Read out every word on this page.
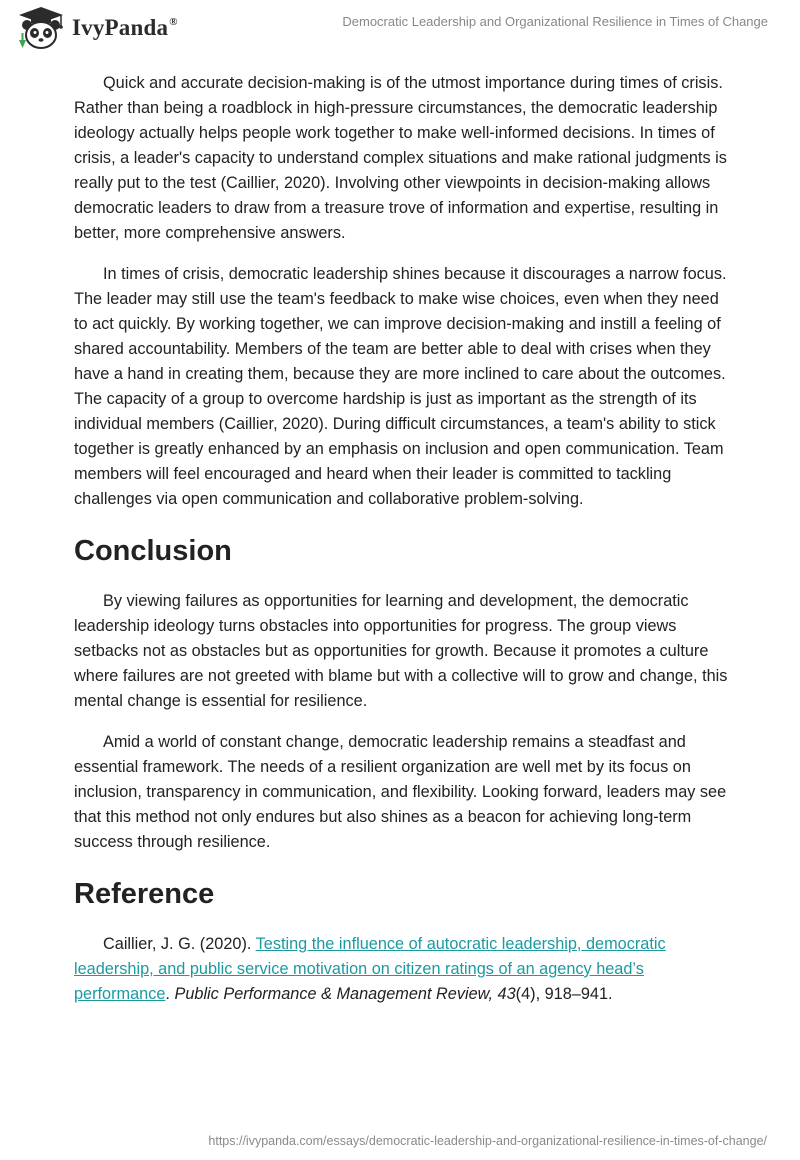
IvyPanda®	Democratic Leadership and Organizational Resilience in Times of Change

Quick and accurate decision-making is of the utmost importance during times of crisis. Rather than being a roadblock in high-pressure circumstances, the democratic leadership ideology actually helps people work together to make well-informed decisions. In times of crisis, a leader's capacity to understand complex situations and make rational judgments is really put to the test (Caillier, 2020). Involving other viewpoints in decision-making allows democratic leaders to draw from a treasure trove of information and expertise, resulting in better, more comprehensive answers.

In times of crisis, democratic leadership shines because it discourages a narrow focus. The leader may still use the team's feedback to make wise choices, even when they need to act quickly. By working together, we can improve decision-making and instill a feeling of shared accountability. Members of the team are better able to deal with crises when they have a hand in creating them, because they are more inclined to care about the outcomes. The capacity of a group to overcome hardship is just as important as the strength of its individual members (Caillier, 2020). During difficult circumstances, a team's ability to stick together is greatly enhanced by an emphasis on inclusion and open communication. Team members will feel encouraged and heard when their leader is committed to tackling challenges via open communication and collaborative problem-solving.

Conclusion

By viewing failures as opportunities for learning and development, the democratic leadership ideology turns obstacles into opportunities for progress. The group views setbacks not as obstacles but as opportunities for growth. Because it promotes a culture where failures are not greeted with blame but with a collective will to grow and change, this mental change is essential for resilience.

Amid a world of constant change, democratic leadership remains a steadfast and essential framework. The needs of a resilient organization are well met by its focus on inclusion, transparency in communication, and flexibility. Looking forward, leaders may see that this method not only endures but also shines as a beacon for achieving long-term success through resilience.

Reference

Caillier, J. G. (2020). Testing the influence of autocratic leadership, democratic leadership, and public service motivation on citizen ratings of an agency head’s performance. Public Performance & Management Review, 43(4), 918–941.

https://ivypanda.com/essays/democratic-leadership-and-organizational-resilience-in-times-of-change/
